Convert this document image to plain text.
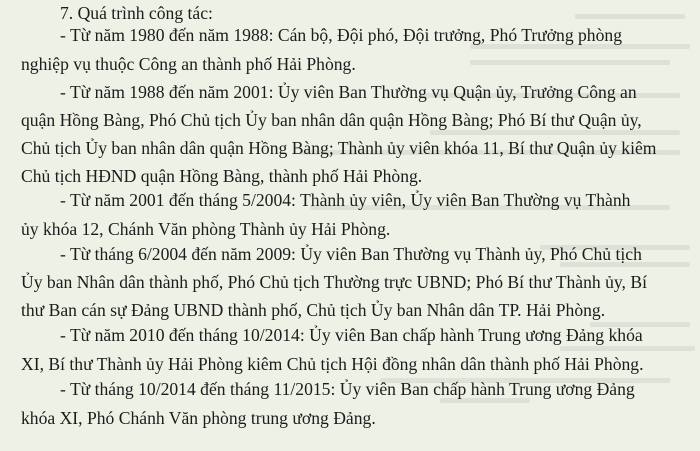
7. Quá trình công tác:
- Từ năm 1980 đến năm 1988: Cán bộ, Đội phó, Đội trưởng, Phó Trưởng phòng
nghiệp vụ thuộc Công an thành phố Hải Phòng.
- Từ năm 1988 đến năm 2001: Ủy viên Ban Thường vụ Quận ủy, Trưởng Công an
quận Hồng Bàng, Phó Chủ tịch Ủy ban nhân dân quận Hồng Bàng; Phó Bí thư Quận ủy,
Chủ tịch Ủy ban nhân dân quận Hồng Bàng; Thành ủy viên khóa 11, Bí thư Quận ủy kiêm
Chủ tịch HĐND quận Hồng Bàng, thành phố Hải Phòng.
- Từ năm 2001 đến tháng 5/2004: Thành ủy viên, Ủy viên Ban Thường vụ Thành
ủy khóa 12, Chánh Văn phòng Thành ủy Hải Phòng.
- Từ tháng 6/2004 đến năm 2009: Ủy viên Ban Thường vụ Thành ủy, Phó Chủ tịch
Ủy ban Nhân dân thành phố, Phó Chủ tịch Thường trực UBND; Phó Bí thư Thành ủy, Bí
thư Ban cán sự Đảng UBND thành phố, Chủ tịch Ủy ban Nhân dân TP. Hải Phòng.
- Từ năm 2010 đến tháng 10/2014: Ủy viên Ban chấp hành Trung ương Đảng khóa
XI, Bí thư Thành ủy Hải Phòng kiêm Chủ tịch Hội đồng nhân dân thành phố Hải Phòng.
- Từ tháng 10/2014 đến tháng 11/2015: Ủy viên Ban chấp hành Trung ương Đảng
khóa XI, Phó Chánh Văn phòng trung ương Đảng.
